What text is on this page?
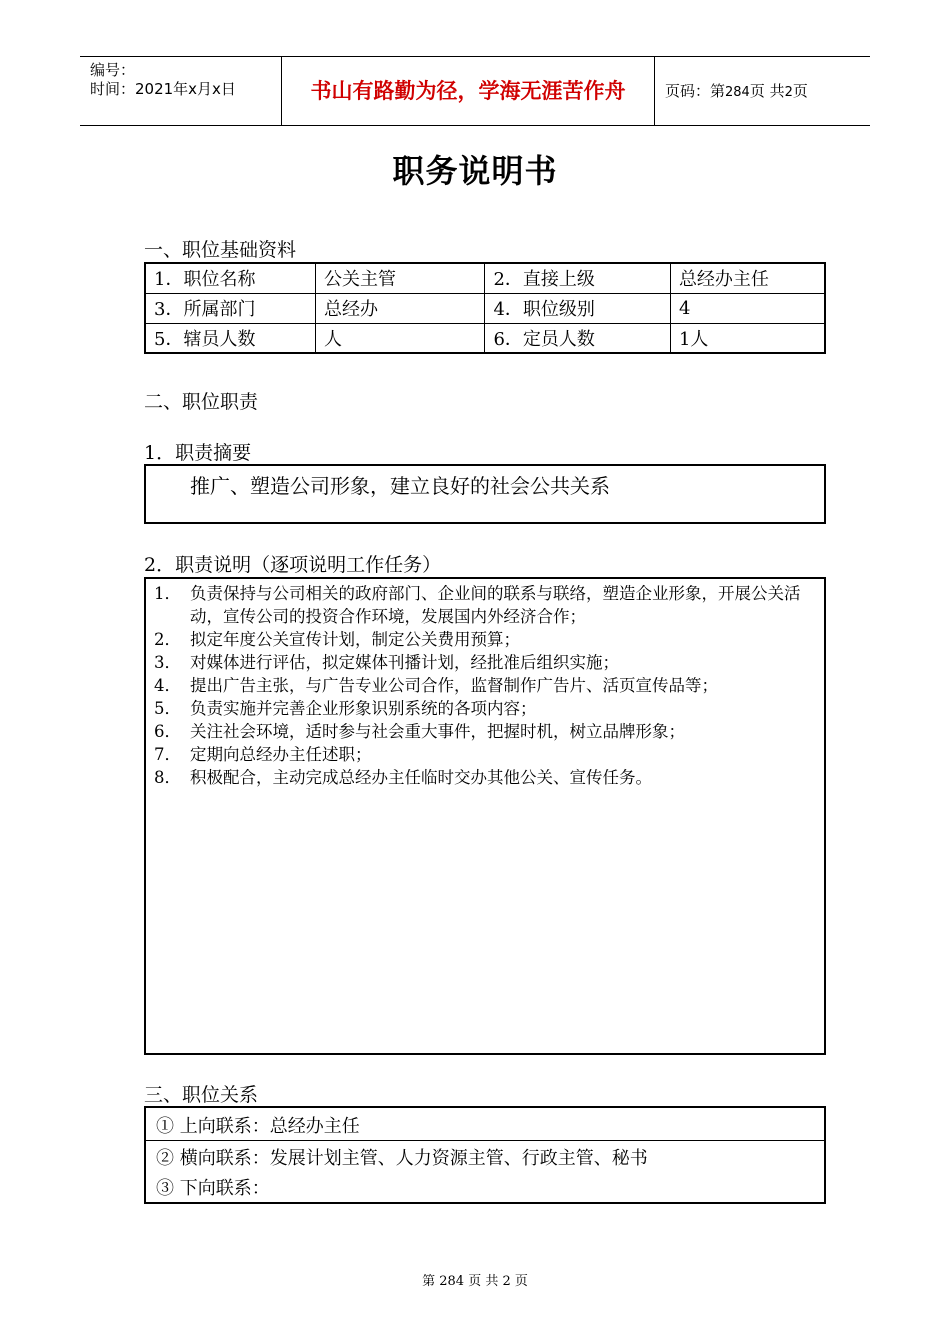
编号：
时间：2021年x月x日	书山有路勤为径，学海无涯苦作舟	页码：第284页 共2页
职务说明书
一、职位基础资料
1．职位名称	公关主管	2．直接上级	总经办主任
3．所属部门	总经办	4．职位级别	4
5．辖员人数	人	6．定员人数	1人
二、职位职责
1．职责摘要
推广、塑造公司形象，建立良好的社会公共关系
2．职责说明（逐项说明工作任务）
1． 负责保持与公司相关的政府部门、企业间的联系与联络，塑造企业形象，开展公关活动，宣传公司的投资合作环境，发展国内外经济合作；
2． 拟定年度公关宣传计划，制定公关费用预算；
3． 对媒体进行评估，拟定媒体刊播计划，经批准后组织实施；
4． 提出广告主张，与广告专业公司合作，监督制作广告片、活页宣传品等；
5． 负责实施并完善企业形象识别系统的各项内容；
6． 关注社会环境，适时参与社会重大事件，把握时机，树立品牌形象；
7． 定期向总经办主任述职；
8． 积极配合，主动完成总经办主任临时交办其他公关、宣传任务。
三、职位关系
① 上向联系：总经办主任
② 横向联系：发展计划主管、人力资源主管、行政主管、秘书
③ 下向联系：
第 284 页 共 2 页
